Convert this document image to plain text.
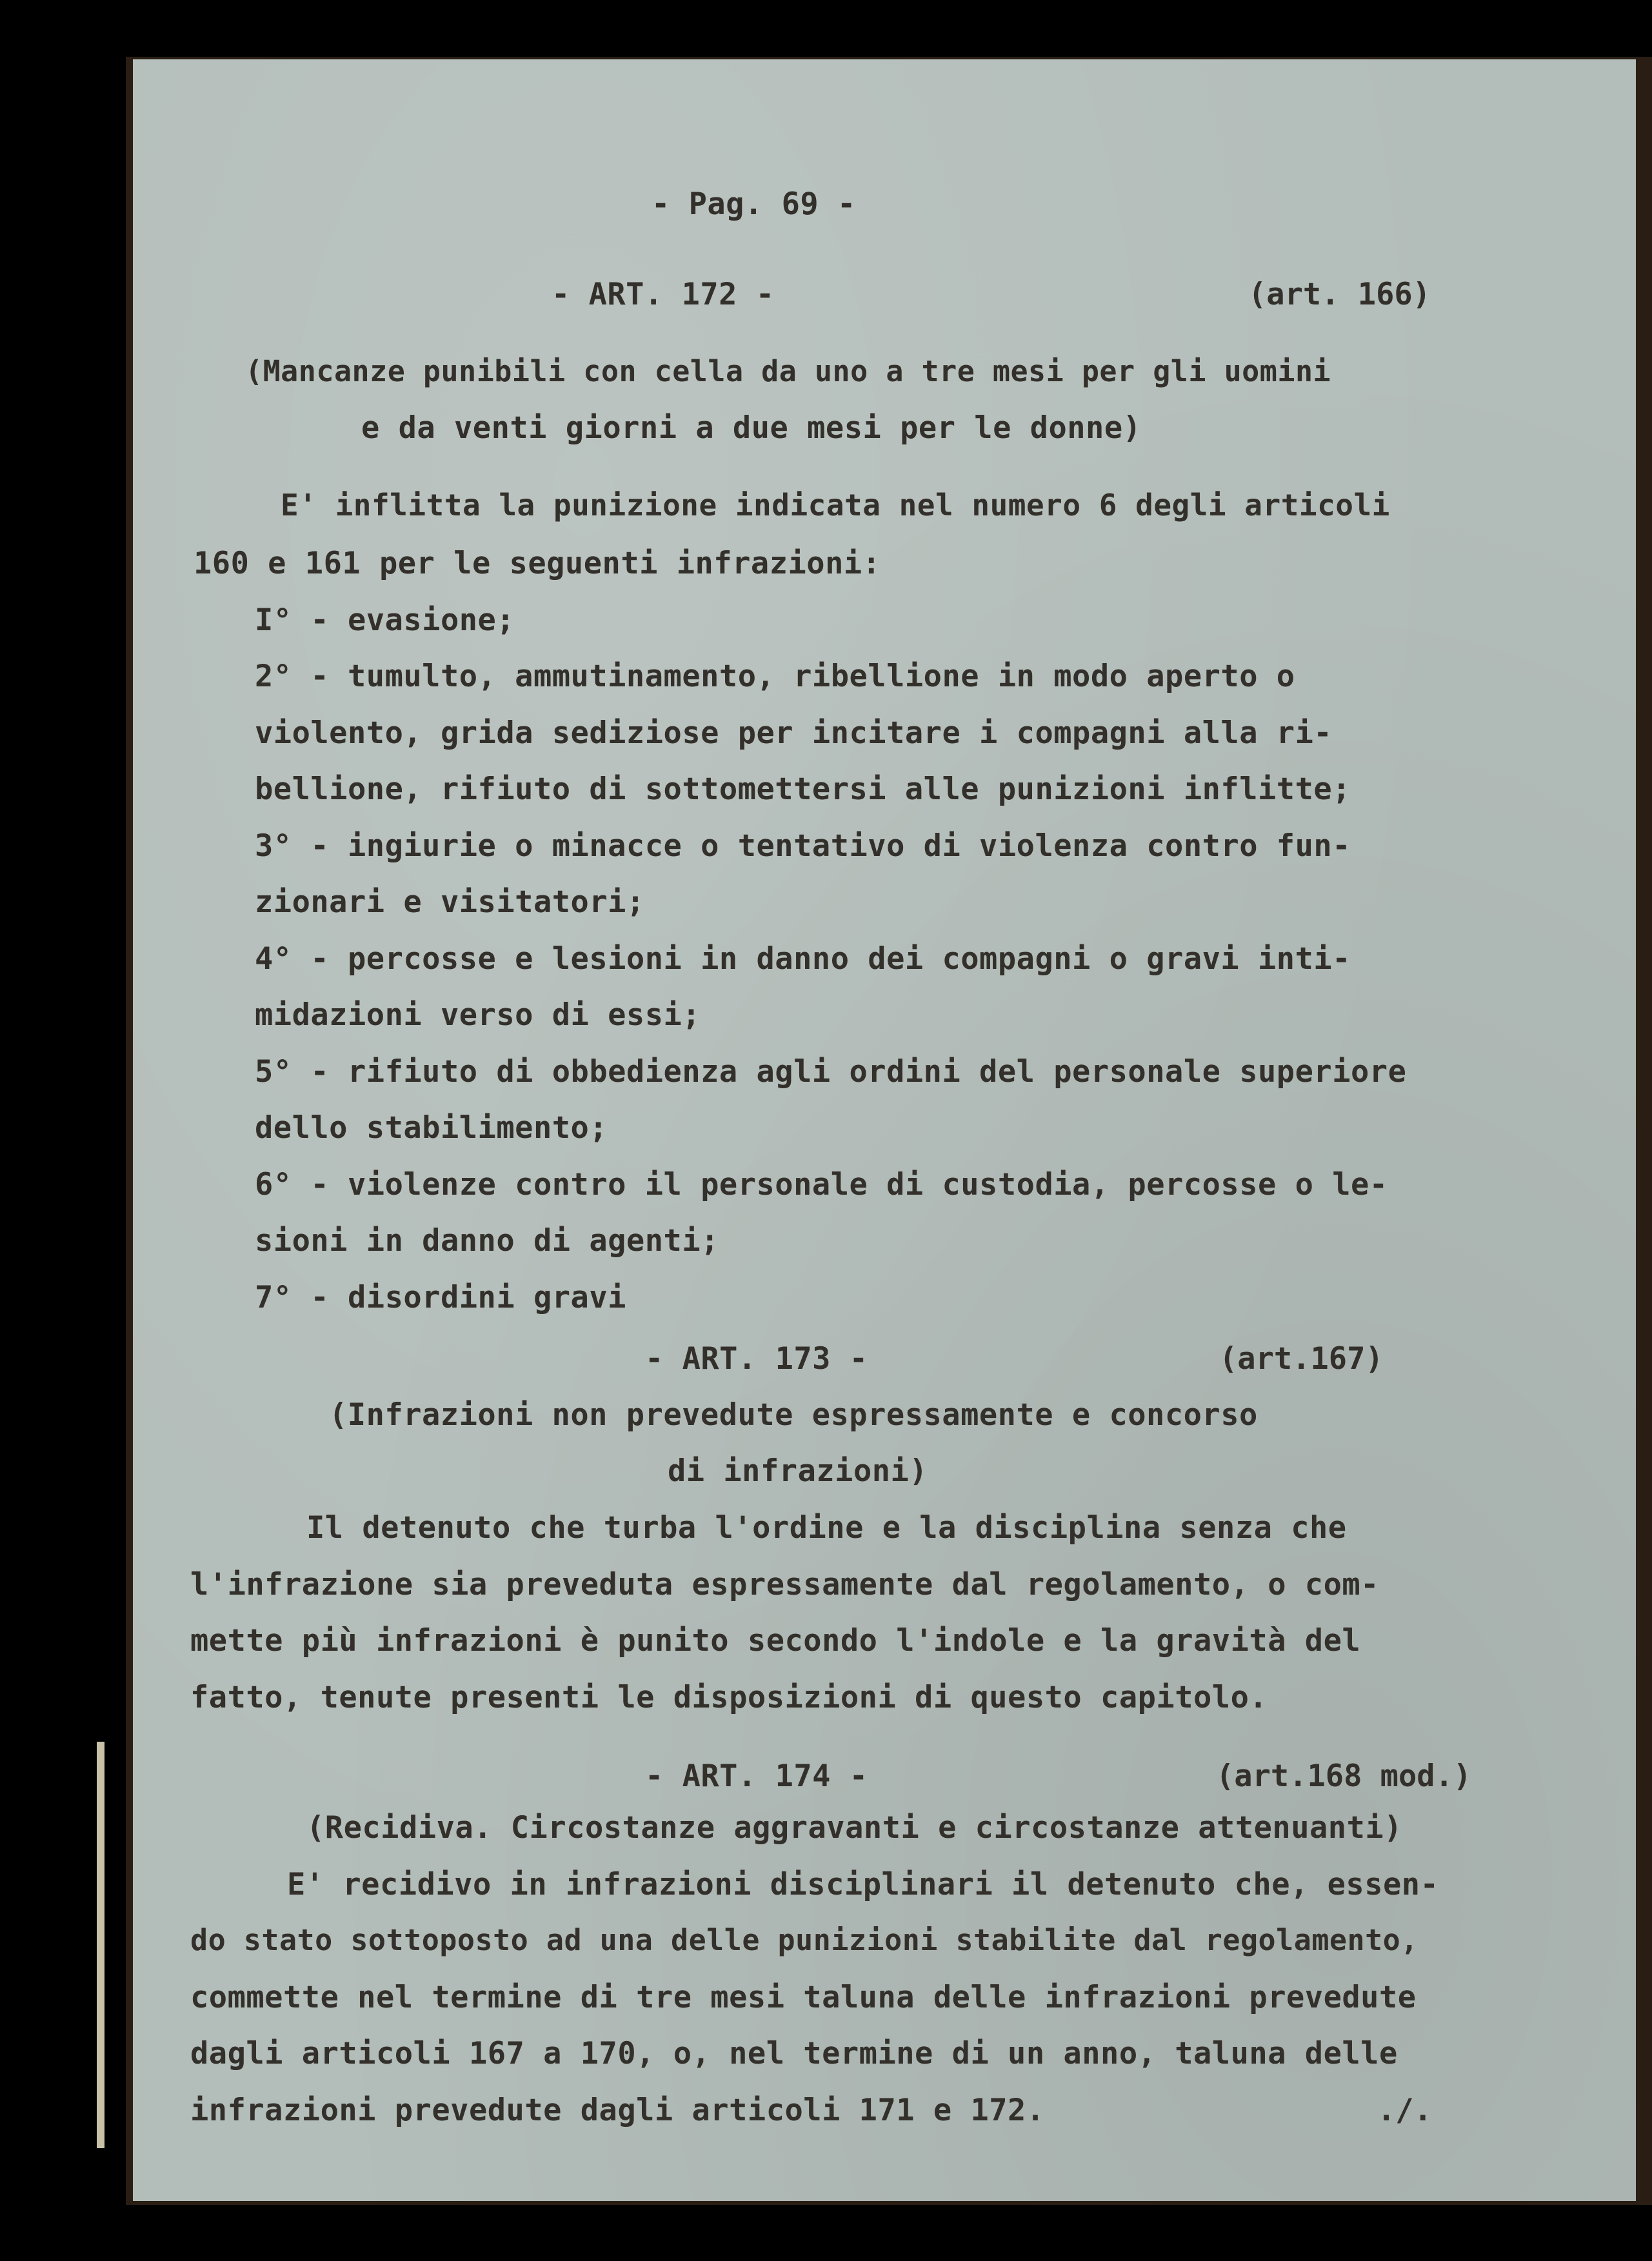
- Pag. 69 -
- ART. 172 -	(art. 166)
(Mancanze punibili con cella da uno a tre mesi per gli uomini
e da venti giorni a due mesi per le donne)
E' inflitta la punizione indicata nel numero 6 degli articoli
160 e 161 per le seguenti infrazioni:
I° - evasione;
2° - tumulto, ammutinamento, ribellione in modo aperto o
violento, grida sediziose per incitare i compagni alla ri-
bellione, rifiuto di sottomettersi alle punizioni inflitte;
3° - ingiurie o minacce o tentativo di violenza contro fun-
zionari e visitatori;
4° - percosse e lesioni in danno dei compagni o gravi inti-
midazioni verso di essi;
5° - rifiuto di obbedienza agli ordini del personale superiore
dello stabilimento;
6° - violenze contro il personale di custodia, percosse o le-
sioni in danno di agenti;
7° - disordini gravi
- ART. 173 -	(art.167)
(Infrazioni non prevedute espressamente e concorso
di infrazioni)
Il detenuto che turba l'ordine e la disciplina senza che
l'infrazione sia preveduta espressamente dal regolamento, o com-
mette più infrazioni è punito secondo l'indole e la gravità del
fatto, tenute presenti le disposizioni di questo capitolo.
- ART. 174 -	(art.168 mod.)
(Recidiva. Circostanze aggravanti e circostanze attenuanti)
E' recidivo in infrazioni disciplinari il detenuto che, essen-
do stato sottoposto ad una delle punizioni stabilite dal regolamento,
commette nel termine di tre mesi taluna delle infrazioni prevedute
dagli articoli 167 a 170, o, nel termine di un anno, taluna delle
infrazioni prevedute dagli articoli 171 e 172.	./.
